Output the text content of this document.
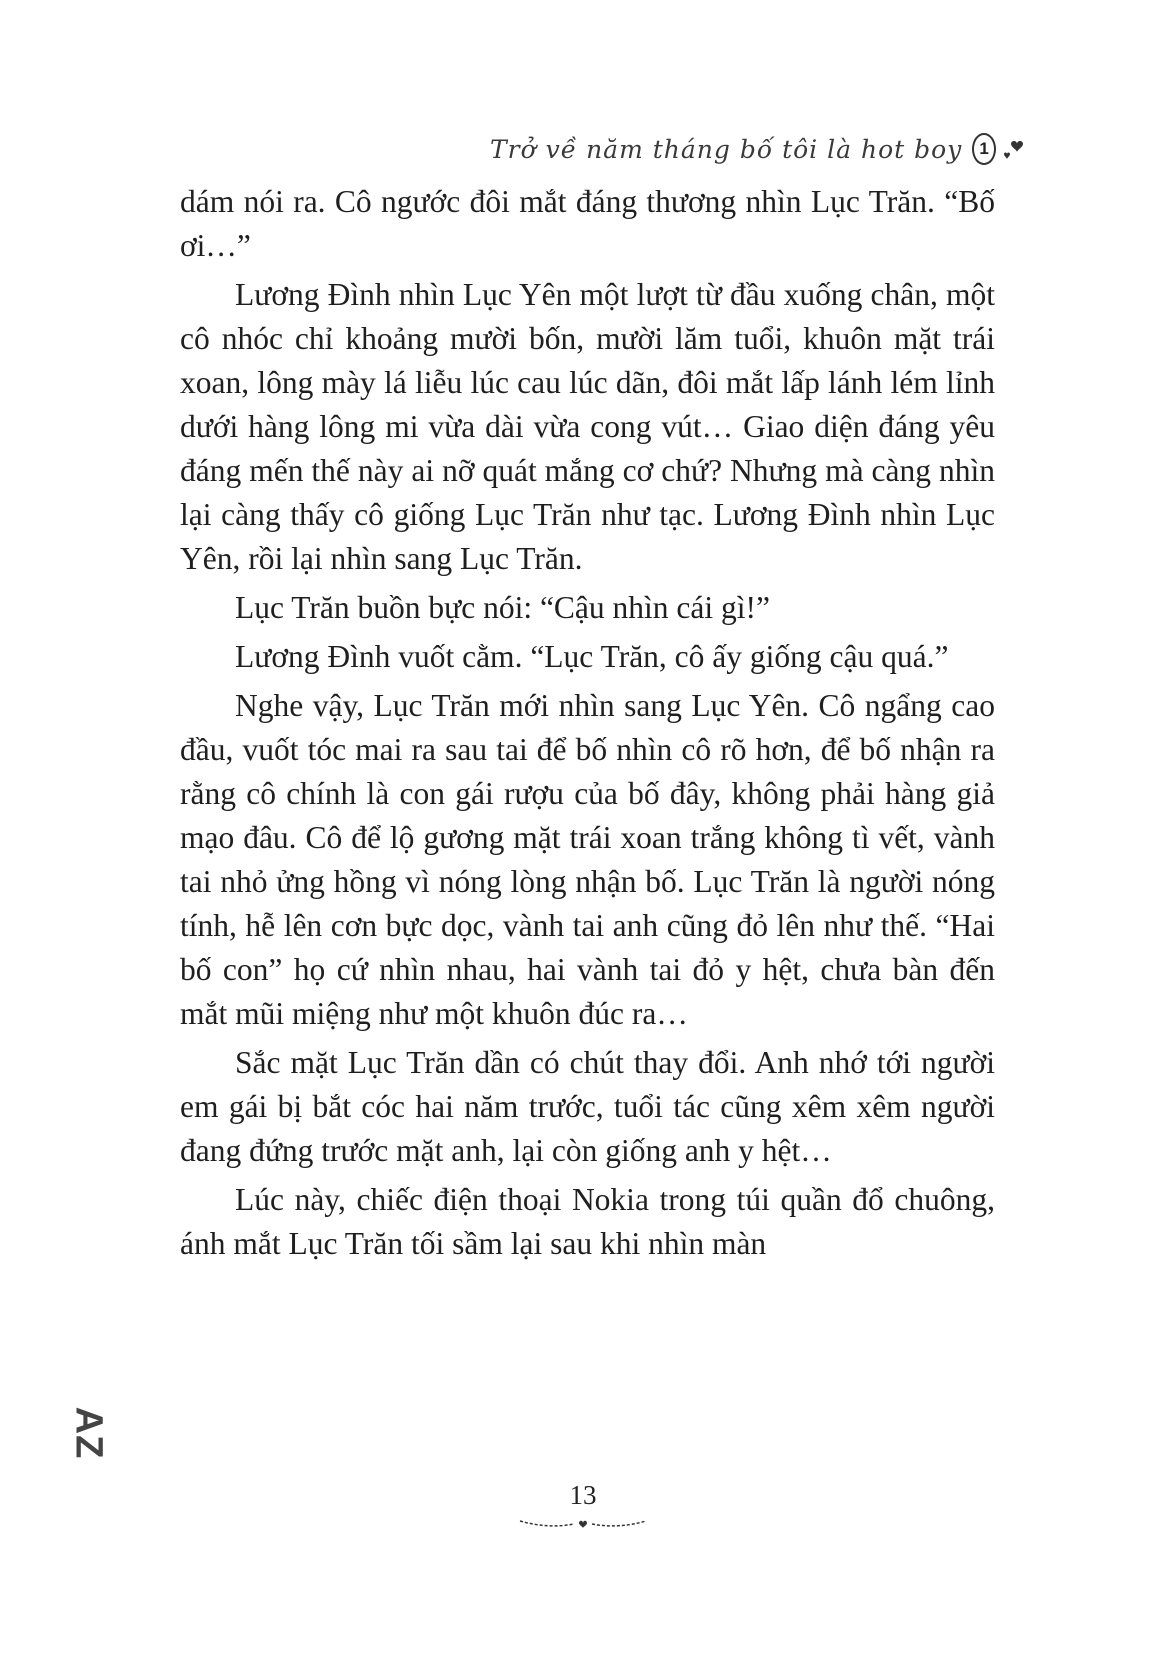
Trở về năm tháng bố tôi là hot boy	1

dám nói ra. Cô ngước đôi mắt đáng thương nhìn Lục Trăn. “Bố ơi…”

Lương Đình nhìn Lục Yên một lượt từ đầu xuống chân, một cô nhóc chỉ khoảng mười bốn, mười lăm tuổi, khuôn mặt trái xoan, lông mày lá liễu lúc cau lúc dãn, đôi mắt lấp lánh lém lỉnh dưới hàng lông mi vừa dài vừa cong vút… Giao diện đáng yêu đáng mến thế này ai nỡ quát mắng cơ chứ? Nhưng mà càng nhìn lại càng thấy cô giống Lục Trăn như tạc. Lương Đình nhìn Lục Yên, rồi lại nhìn sang Lục Trăn.

Lục Trăn buồn bực nói: “Cậu nhìn cái gì!”

Lương Đình vuốt cằm. “Lục Trăn, cô ấy giống cậu quá.”

Nghe vậy, Lục Trăn mới nhìn sang Lục Yên. Cô ngẩng cao đầu, vuốt tóc mai ra sau tai để bố nhìn cô rõ hơn, để bố nhận ra rằng cô chính là con gái rượu của bố đây, không phải hàng giả mạo đâu. Cô để lộ gương mặt trái xoan trắng không tì vết, vành tai nhỏ ửng hồng vì nóng lòng nhận bố. Lục Trăn là người nóng tính, hễ lên cơn bực dọc, vành tai anh cũng đỏ lên như thế. “Hai bố con” họ cứ nhìn nhau, hai vành tai đỏ y hệt, chưa bàn đến mắt mũi miệng như một khuôn đúc ra…

Sắc mặt Lục Trăn dần có chút thay đổi. Anh nhớ tới người em gái bị bắt cóc hai năm trước, tuổi tác cũng xêm xêm người đang đứng trước mặt anh, lại còn giống anh y hệt…

Lúc này, chiếc điện thoại Nokia trong túi quần đổ chuông, ánh mắt Lục Trăn tối sầm lại sau khi nhìn màn

AZ
13
